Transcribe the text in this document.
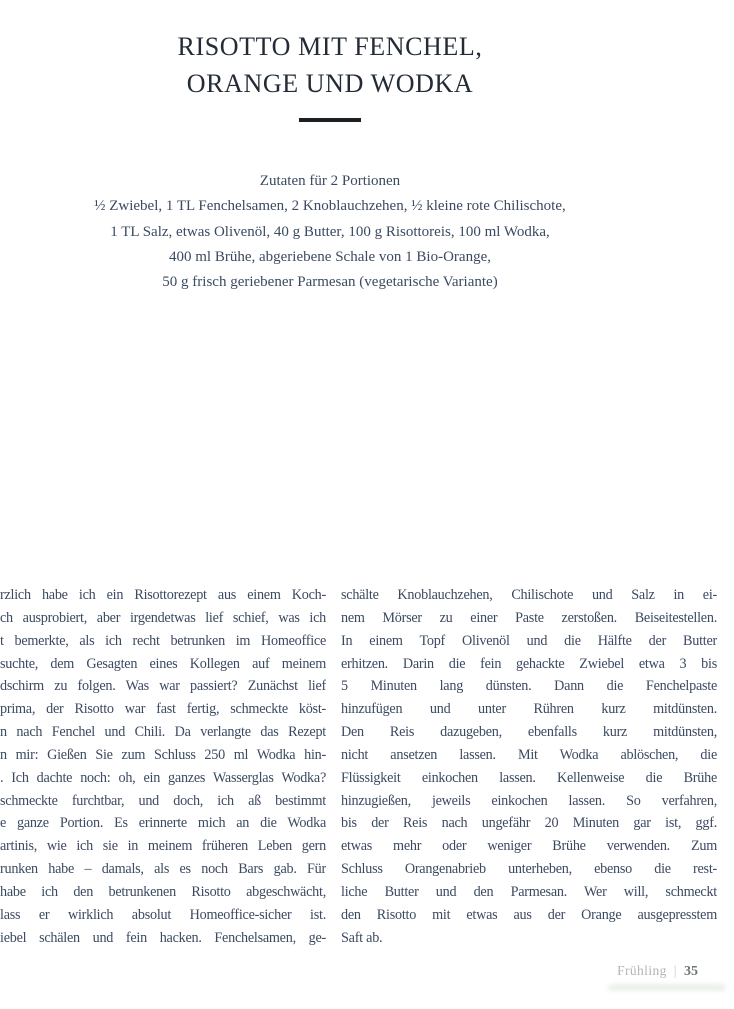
RISOTTO MIT FENCHEL,
ORANGE UND WODKA
Zutaten für 2 Portionen
½ Zwiebel, 1 TL Fenchelsamen, 2 Knoblauchzehen, ½ kleine rote Chilischote,
1 TL Salz, etwas Olivenöl, 40 g Butter, 100 g Risottoreis, 100 ml Wodka,
400 ml Brühe, abgeriebene Schale von 1 Bio-Orange,
50 g frisch geriebener Parmesan (vegetarische Variante)
rzlich habe ich ein Risottorezept aus einem Koch-
ch ausprobiert, aber irgendetwas lief schief, was ich
t bemerkte, als ich recht betrunken im Homeoffice
suchte, dem Gesagten eines Kollegen auf meinem
dschirm zu folgen. Was war passiert? Zunächst lief
prima, der Risotto war fast fertig, schmeckte köst-
n nach Fenchel und Chili. Da verlangte das Rezept
n mir: Gießen Sie zum Schluss 250 ml Wodka hin-
. Ich dachte noch: oh, ein ganzes Wasserglas Wodka?
schmeckte furchtbar, und doch, ich aß bestimmt
e ganze Portion. Es erinnerte mich an die Wodka
artinis, wie ich sie in meinem früheren Leben gern
runken habe – damals, als es noch Bars gab. Für
habe ich den betrunkenen Risotto abgeschwächt,
lass er wirklich absolut Homeoffice-sicher ist.
iebel schälen und fein hacken. Fenchelsamen, ge-
schälte Knoblauchzehen, Chilischote und Salz in ei-
nem Mörser zu einer Paste zerstoßen. Beiseitestellen.
In einem Topf Olivenöl und die Hälfte der Butter
erhitzen. Darin die fein gehackte Zwiebel etwa 3 bis
5 Minuten lang dünsten. Dann die Fenchelpaste
hinzufügen und unter Rühren kurz mitdünsten.
Den Reis dazugeben, ebenfalls kurz mitdünsten,
nicht ansetzen lassen. Mit Wodka ablöschen, die
Flüssigkeit einkochen lassen. Kellenweise die Brühe
hinzugießen, jeweils einkochen lassen. So verfahren,
bis der Reis nach ungefähr 20 Minuten gar ist, ggf.
etwas mehr oder weniger Brühe verwenden. Zum
Schluss Orangenabrieb unterheben, ebenso die rest-
liche Butter und den Parmesan. Wer will, schmeckt
den Risotto mit etwas aus der Orange ausgepresstem
Saft ab.
Frühling | 35
